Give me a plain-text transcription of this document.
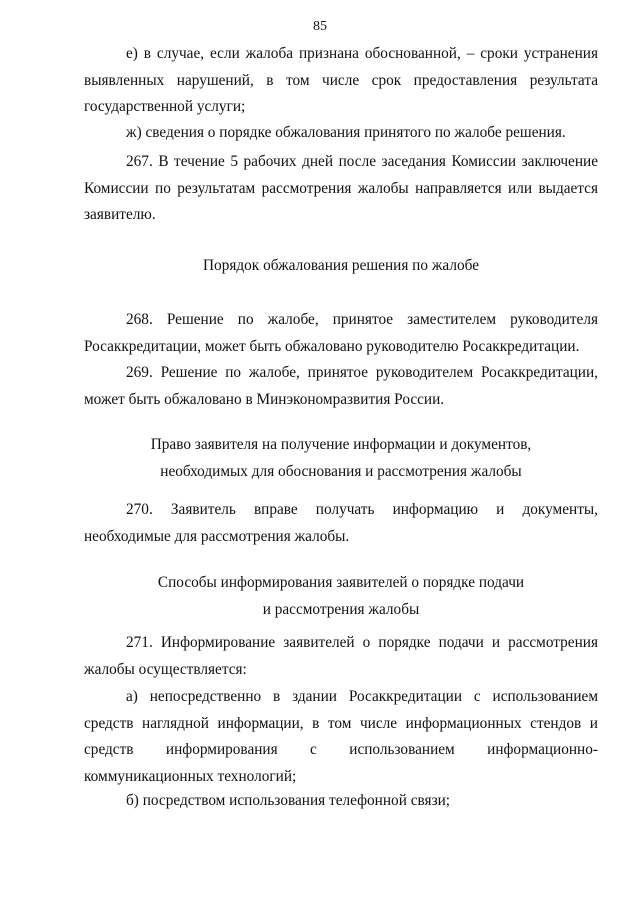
85

е) в случае, если жалоба признана обоснованной, – сроки устранения выявленных нарушений, в том числе срок предоставления результата государственной услуги;

ж) сведения о порядке обжалования принятого по жалобе решения.

267. В течение 5 рабочих дней после заседания Комиссии заключение Комиссии по результатам рассмотрения жалобы направляется или выдается заявителю.

Порядок обжалования решения по жалобе

268. Решение по жалобе, принятое заместителем руководителя Росаккредитации, может быть обжаловано руководителю Росаккредитации.

269. Решение по жалобе, принятое руководителем Росаккредитации, может быть обжаловано в Минэкономразвития России.

Право заявителя на получение информации и документов,
необходимых для обоснования и рассмотрения жалобы

270. Заявитель вправе получать информацию и документы, необходимые для рассмотрения жалобы.

Способы информирования заявителей о порядке подачи
и рассмотрения жалобы

271. Информирование заявителей о порядке подачи и рассмотрения жалобы осуществляется:

а) непосредственно в здании Росаккредитации с использованием средств наглядной информации, в том числе информационных стендов и средств информирования с использованием информационно-коммуникационных технологий;

б) посредством использования телефонной связи;
